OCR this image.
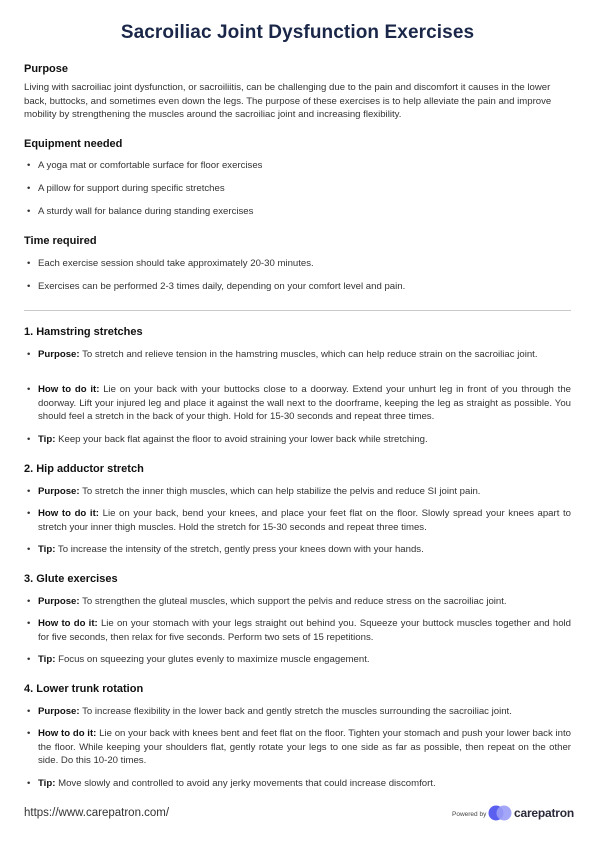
Sacroiliac Joint Dysfunction Exercises
Purpose
Living with sacroiliac joint dysfunction, or sacroiliitis, can be challenging due to the pain and discomfort it causes in the lower back, buttocks, and sometimes even down the legs. The purpose of these exercises is to help alleviate the pain and improve mobility by strengthening the muscles around the sacroiliac joint and increasing flexibility.
Equipment needed
• A yoga mat or comfortable surface for floor exercises
• A pillow for support during specific stretches
• A sturdy wall for balance during standing exercises
Time required
• Each exercise session should take approximately 20-30 minutes.
• Exercises can be performed 2-3 times daily, depending on your comfort level and pain.
1. Hamstring stretches
• Purpose: To stretch and relieve tension in the hamstring muscles, which can help reduce strain on the sacroiliac joint.
• How to do it: Lie on your back with your buttocks close to a doorway. Extend your unhurt leg in front of you through the doorway. Lift your injured leg and place it against the wall next to the doorframe, keeping the leg as straight as possible. You should feel a stretch in the back of your thigh. Hold for 15-30 seconds and repeat three times.
• Tip: Keep your back flat against the floor to avoid straining your lower back while stretching.
2. Hip adductor stretch
• Purpose: To stretch the inner thigh muscles, which can help stabilize the pelvis and reduce SI joint pain.
• How to do it: Lie on your back, bend your knees, and place your feet flat on the floor. Slowly spread your knees apart to stretch your inner thigh muscles. Hold the stretch for 15-30 seconds and repeat three times.
• Tip: To increase the intensity of the stretch, gently press your knees down with your hands.
3. Glute exercises
• Purpose: To strengthen the gluteal muscles, which support the pelvis and reduce stress on the sacroiliac joint.
• How to do it: Lie on your stomach with your legs straight out behind you. Squeeze your buttock muscles together and hold for five seconds, then relax for five seconds. Perform two sets of 15 repetitions.
• Tip: Focus on squeezing your glutes evenly to maximize muscle engagement.
4. Lower trunk rotation
• Purpose: To increase flexibility in the lower back and gently stretch the muscles surrounding the sacroiliac joint.
• How to do it: Lie on your back with knees bent and feet flat on the floor. Tighten your stomach and push your lower back into the floor. While keeping your shoulders flat, gently rotate your legs to one side as far as possible, then repeat on the other side. Do this 10-20 times.
• Tip: Move slowly and controlled to avoid any jerky movements that could increase discomfort.
https://www.carepatron.com/	Powered by carepatron
